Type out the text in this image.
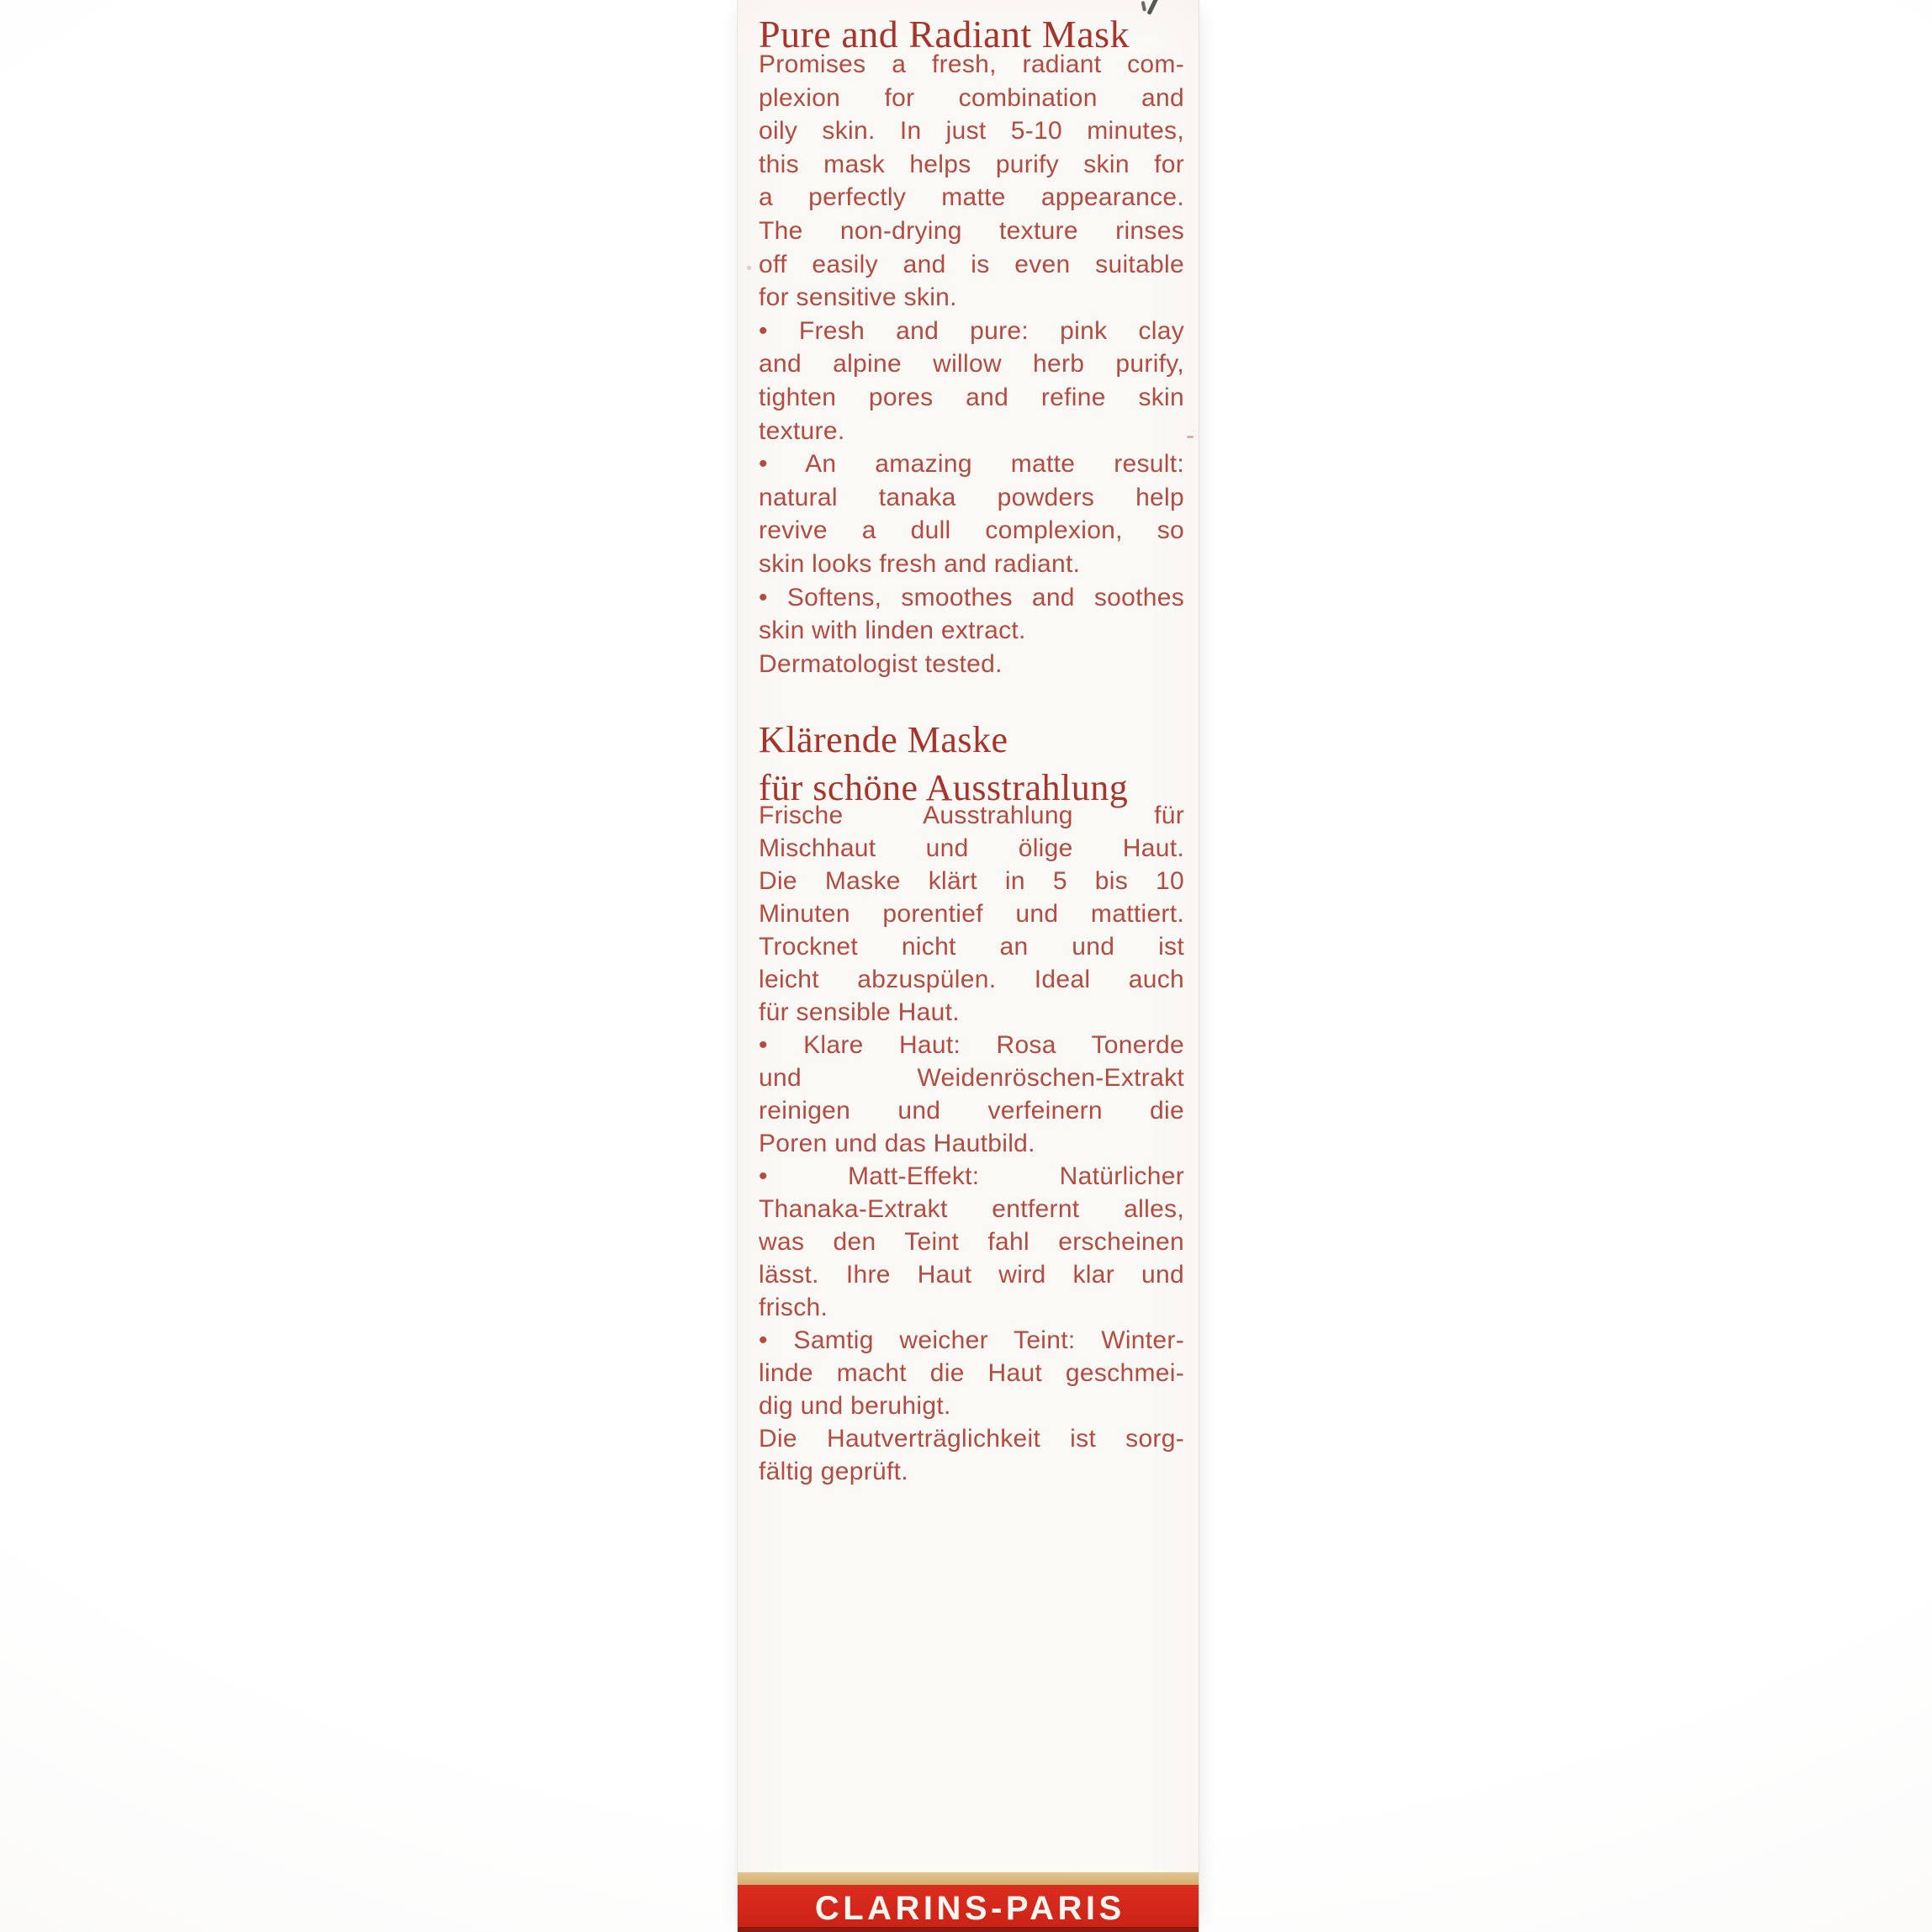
Pure and Radiant Mask
Promises a fresh, radiant com-
plexion for combination and
oily skin. In just 5-10 minutes,
this mask helps purify skin for
a perfectly matte appearance.
The non-drying texture rinses
off easily and is even suitable
for sensitive skin.
• Fresh and pure: pink clay
and alpine willow herb purify,
tighten pores and refine skin
texture.
• An amazing matte result:
natural tanaka powders help
revive a dull complexion, so
skin looks fresh and radiant.
• Softens, smoothes and soothes
skin with linden extract.
Dermatologist tested.
Klärende Maske
für schöne Ausstrahlung
Frische Ausstrahlung für
Mischhaut und ölige Haut.
Die Maske klärt in 5 bis 10
Minuten porentief und mattiert.
Trocknet nicht an und ist
leicht abzuspülen. Ideal auch
für sensible Haut.
• Klare Haut: Rosa Tonerde
und Weidenröschen-Extrakt
reinigen und verfeinern die
Poren und das Hautbild.
• Matt-Effekt: Natürlicher
Thanaka-Extrakt entfernt alles,
was den Teint fahl erscheinen
lässt. Ihre Haut wird klar und
frisch.
• Samtig weicher Teint: Winter-
linde macht die Haut geschmei-
dig und beruhigt.
Die Hautverträglichkeit ist sorg-
fältig geprüft.
CLARINS-PARIS
